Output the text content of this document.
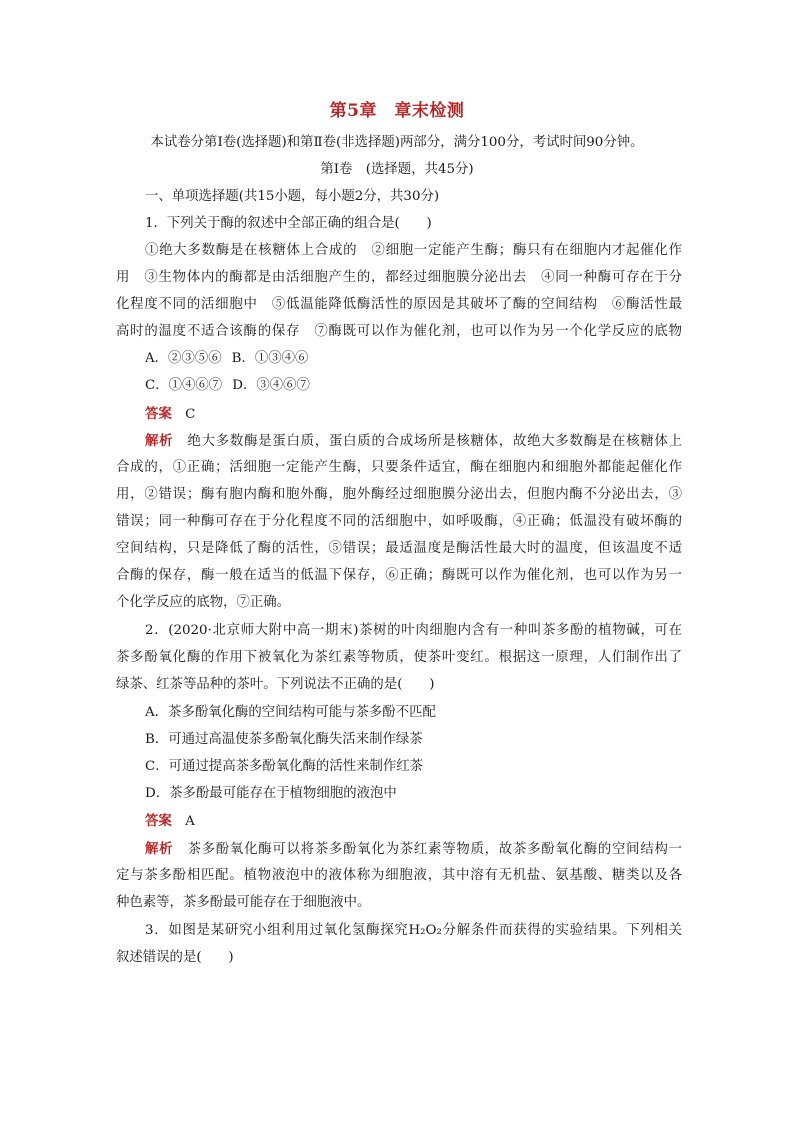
第5章　章末检测
本试卷分第Ⅰ卷(选择题)和第Ⅱ卷(非选择题)两部分，满分100分，考试时间90分钟。
第Ⅰ卷　(选择题，共45分)
一、单项选择题(共15小题，每小题2分，共30分)
1．下列关于酶的叙述中全部正确的组合是(　　)
①绝大多数酶是在核糖体上合成的　②细胞一定能产生酶；酶只有在细胞内才起催化作
用　③生物体内的酶都是由活细胞产生的，都经过细胞膜分泌出去　④同一种酶可存在于分
化程度不同的活细胞中　⑤低温能降低酶活性的原因是其破坏了酶的空间结构　⑥酶活性最
高时的温度不适合该酶的保存　⑦酶既可以作为催化剂，也可以作为另一个化学反应的底物
A．②③⑤⑥ B．①③④⑥
C．①④⑥⑦ D．③④⑥⑦
答案　 C
解析　 绝大多数酶是蛋白质，蛋白质的合成场所是核糖体，故绝大多数酶是在核糖体上
合成的，①正确；活细胞一定能产生酶，只要条件适宜，酶在细胞内和细胞外都能起催化作
用，②错误；酶有胞内酶和胞外酶，胞外酶经过细胞膜分泌出去，但胞内酶不分泌出去，③
错误；同一种酶可存在于分化程度不同的活细胞中，如呼吸酶，④正确；低温没有破坏酶的
空间结构，只是降低了酶的活性，⑤错误；最适温度是酶活性最大时的温度，但该温度不适
合酶的保存，酶一般在适当的低温下保存，⑥正确；酶既可以作为催化剂，也可以作为另一
个化学反应的底物，⑦正确。
2．(2020·北京师大附中高一期末)茶树的叶肉细胞内含有一种叫茶多酚的植物碱，可在
茶多酚氧化酶的作用下被氧化为茶红素等物质，使茶叶变红。根据这一原理，人们制作出了
绿茶、红茶等品种的茶叶。下列说法不正确的是(　　)
A．茶多酚氧化酶的空间结构可能与茶多酚不匹配
B．可通过高温使茶多酚氧化酶失活来制作绿茶
C．可通过提高茶多酚氧化酶的活性来制作红茶
D．茶多酚最可能存在于植物细胞的液泡中
答案　 A
解析　 茶多酚氧化酶可以将茶多酚氧化为茶红素等物质，故茶多酚氧化酶的空间结构一
定与茶多酚相匹配。植物液泡中的液体称为细胞液，其中溶有无机盐、氨基酸、糖类以及各
种色素等，茶多酚最可能存在于细胞液中。
3．如图是某研究小组利用过氧化氢酶探究H₂O₂分解条件而获得的实验结果。下列相关
叙述错误的是(　　)
